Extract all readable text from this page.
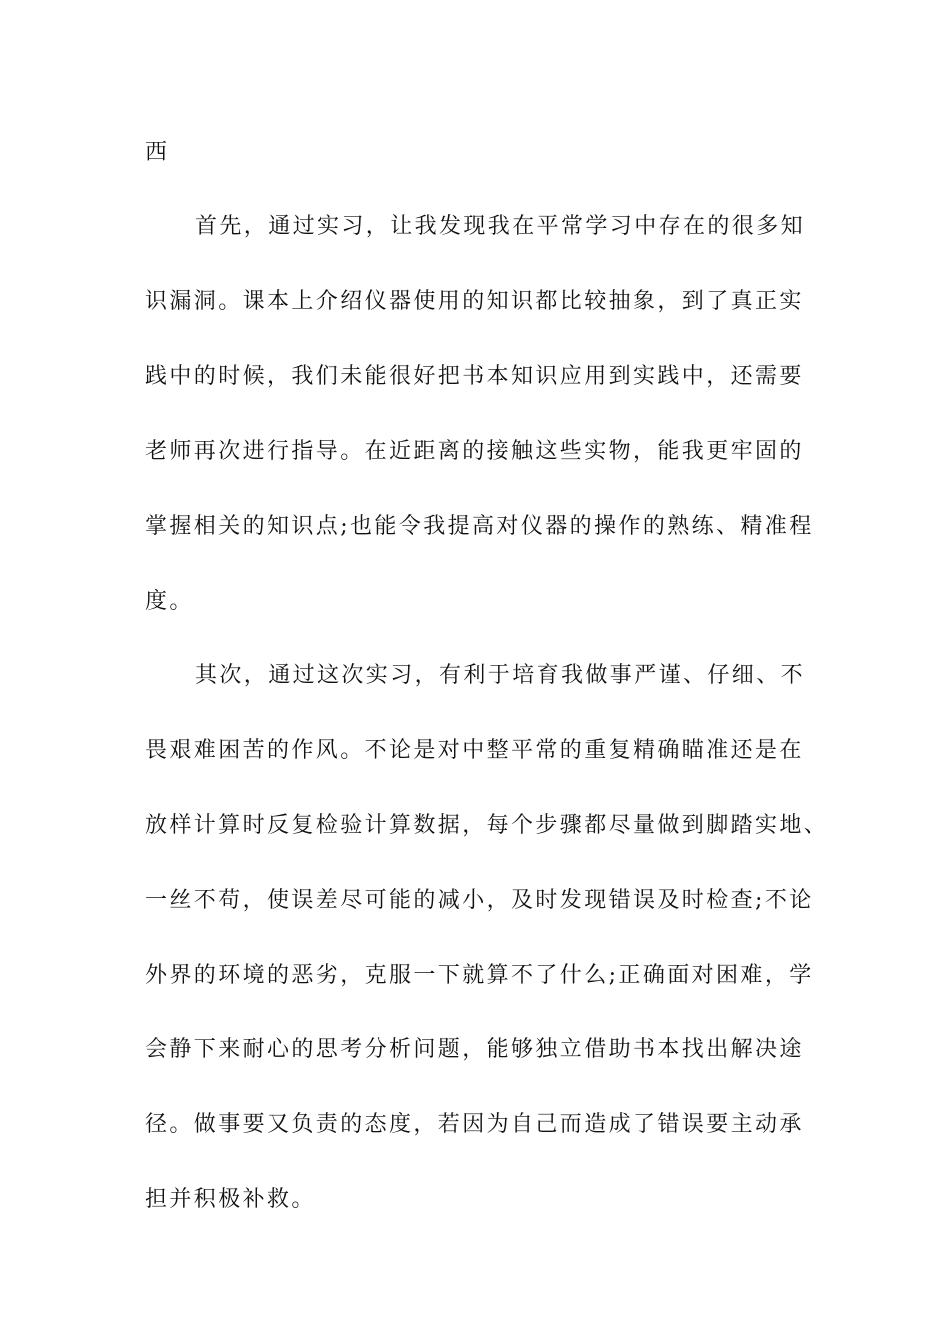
西
首先，通过实习，让我发现我在平常学习中存在的很多知
识漏洞。课本上介绍仪器使用的知识都比较抽象，到了真正实
践中的时候，我们未能很好把书本知识应用到实践中，还需要
老师再次进行指导。在近距离的接触这些实物，能我更牢固的
掌握相关的知识点;也能令我提高对仪器的操作的熟练、精准程
度。
其次，通过这次实习，有利于培育我做事严谨、仔细、不
畏艰难困苦的作风。不论是对中整平常的重复精确瞄准还是在
放样计算时反复检验计算数据，每个步骤都尽量做到脚踏实地、
一丝不苟，使误差尽可能的减小，及时发现错误及时检查;不论
外界的环境的恶劣，克服一下就算不了什么;正确面对困难，学
会静下来耐心的思考分析问题，能够独立借助书本找出解决途
径。做事要又负责的态度，若因为自己而造成了错误要主动承
担并积极补救。
